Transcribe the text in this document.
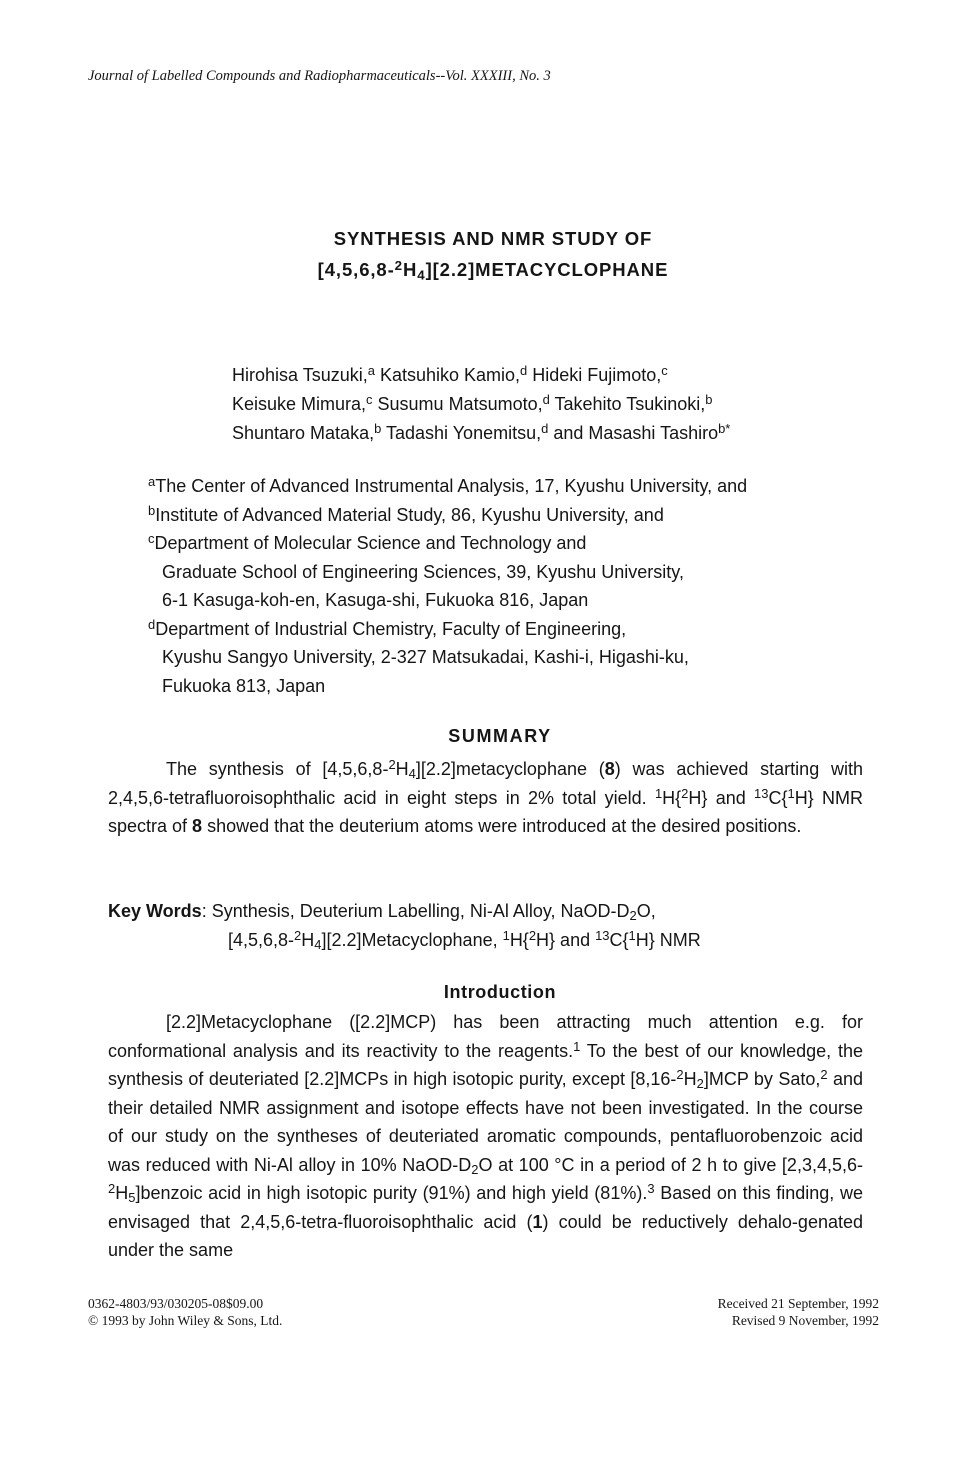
Journal of Labelled Compounds and Radiopharmaceuticals--Vol. XXXIII, No. 3
SYNTHESIS AND NMR STUDY OF
$[4,5,6,8-^2H_4][2.2]METACYCLOPHANE$
Hirohisa Tsuzuki,$^a$ Katsuhiko Kamio,$^d$ Hideki Fujimoto,$^c$
Keisuke Mimura,$^c$ Susumu Matsumoto,$^d$ Takehito Tsukinoki,$^b$
Shuntaro Mataka,$^b$ Tadashi Yonemitsu,$^d$ and Masashi Tashiro$^{b*}$
$^a$The Center of Advanced Instrumental Analysis, 17, Kyushu University, and
$^b$Institute of Advanced Material Study, 86, Kyushu University, and
$^c$Department of Molecular Science and Technology and
Graduate School of Engineering Sciences, 39, Kyushu University,
6-1 Kasuga-koh-en, Kasuga-shi, Fukuoka 816, Japan
$^d$Department of Industrial Chemistry, Faculty of Engineering,
Kyushu Sangyo University, 2-327 Matsukadai, Kashi-i, Higashi-ku,
Fukuoka 813, Japan
SUMMARY
The synthesis of $[4,5,6,8-^2H_4][2.2]metacyclophane$ (8) was achieved starting with 2,4,5,6-tetrafluoroisophthalic acid in eight steps in 2% total yield. $^1$H{$^2$H} and $^{13}$C{$^1$H} NMR spectra of 8 showed that the deuterium atoms were introduced at the desired positions.
Key Words: Synthesis, Deuterium Labelling, Ni-Al Alloy, NaOD-$D_2O$,
$[4,5,6,8-^2H_4][2.2]Metacyclophane$, $^1$H{$^2$H} and $^{13}$C{$^1$H} NMR
Introduction
[2.2]Metacyclophane ([2.2]MCP) has been attracting much attention e.g. for conformational analysis and its reactivity to the reagents.$^1$ To the best of our knowledge, the synthesis of deuteriated [2.2]MCPs in high isotopic purity, except $[8,16-^2H_2]MCP$ by Sato,$^2$ and their detailed NMR assignment and isotope effects have not been investigated. In the course of our study on the syntheses of deuteriated aromatic compounds, pentafluorobenzoic acid was reduced with Ni-Al alloy in 10% NaOD-$D_2O$ at 100 °C in a period of 2 h to give $[2,3,4,5,6-^2H_5]benzoic$ acid in high isotopic purity (91%) and high yield (81%).$^3$ Based on this finding, we envisaged that 2,4,5,6-tetra-fluoroisophthalic acid (1) could be reductively dehalo-genated under the same
0362-4803/93/030205-08$09.00
© 1993 by John Wiley & Sons, Ltd.
Received 21 September, 1992
Revised 9 November, 1992
